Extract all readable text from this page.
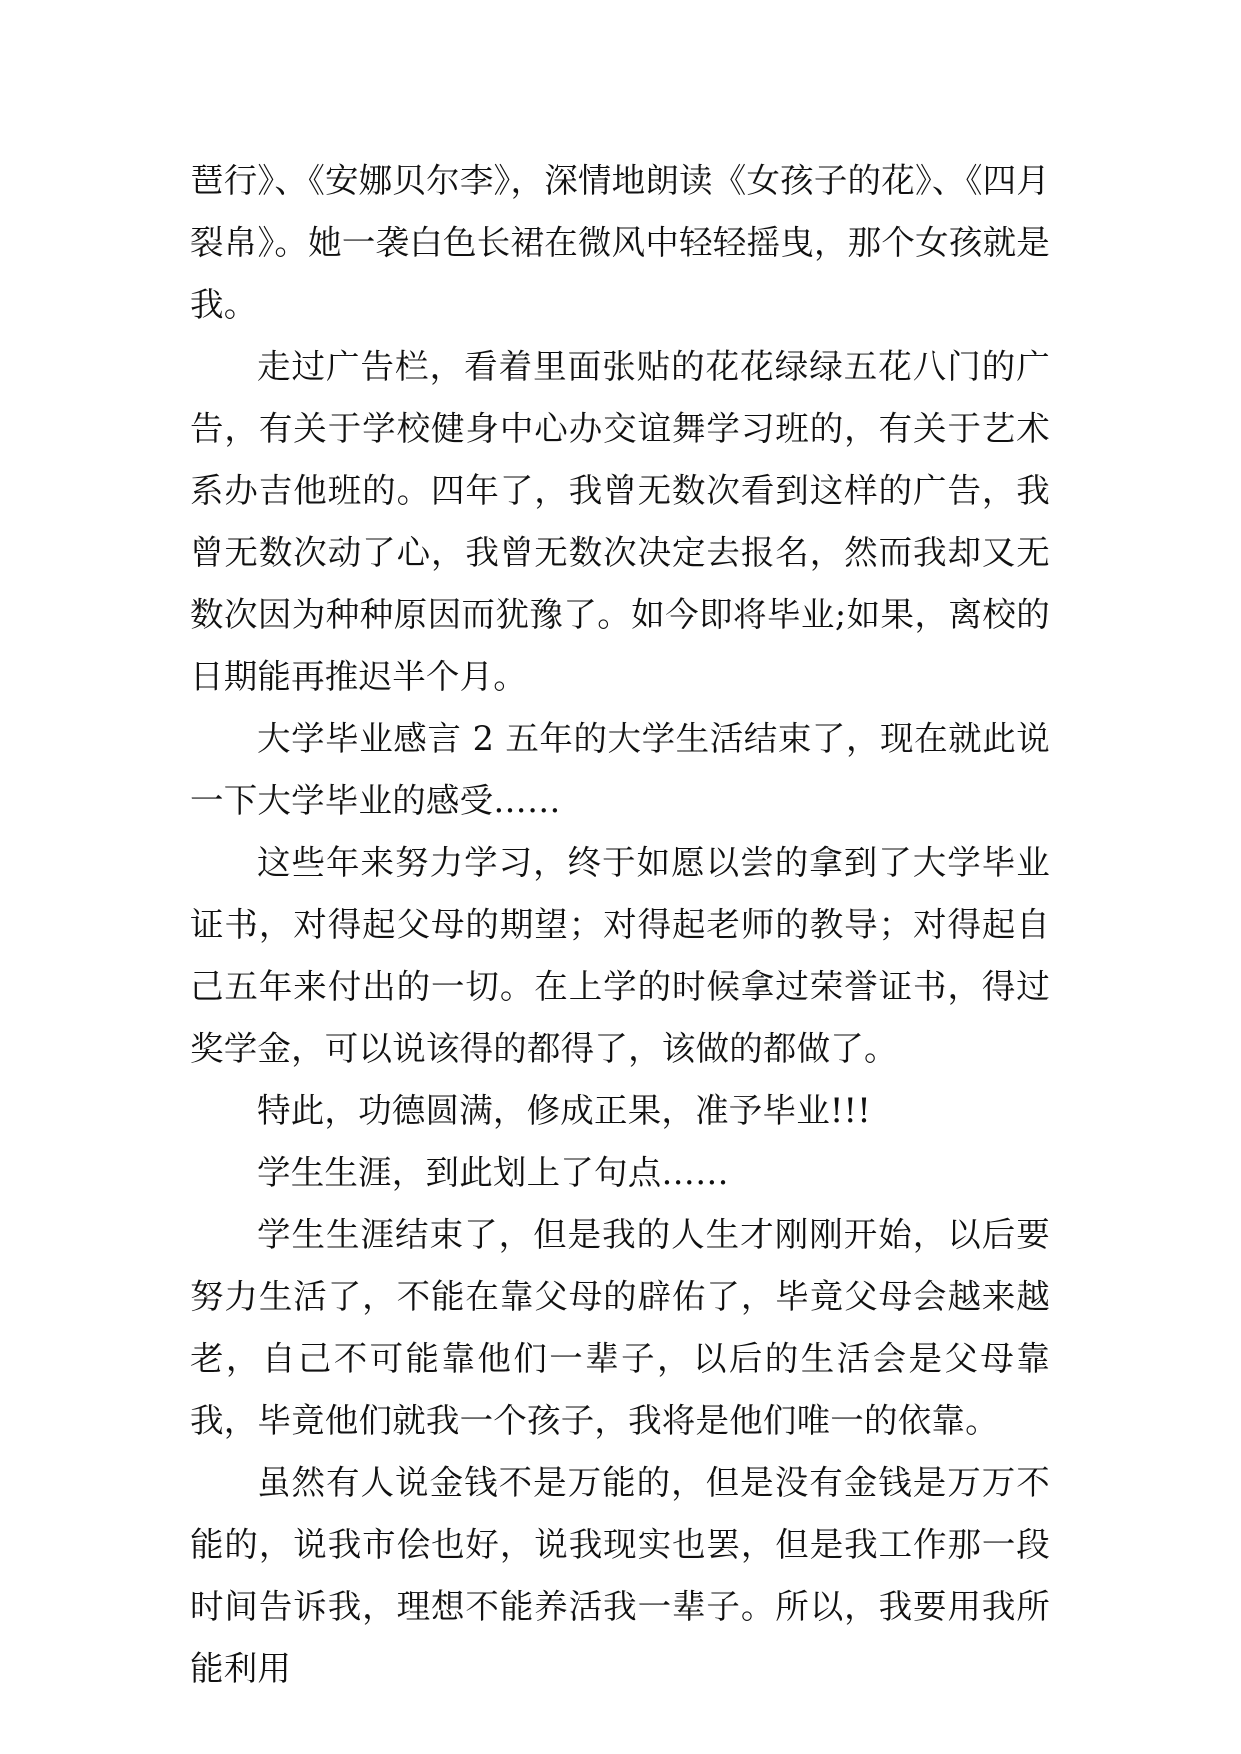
琶行》、《安娜贝尔李》，深情地朗读《女孩子的花》、《四月裂帛》。她一袭白色长裙在微风中轻轻摇曳，那个女孩就是我。

走过广告栏，看着里面张贴的花花绿绿五花八门的广告，有关于学校健身中心办交谊舞学习班的，有关于艺术系办吉他班的。四年了，我曾无数次看到这样的广告，我曾无数次动了心，我曾无数次决定去报名，然而我却又无数次因为种种原因而犹豫了。如今即将毕业;如果，离校的日期能再推迟半个月。

大学毕业感言 2 五年的大学生活结束了，现在就此说一下大学毕业的感受……

这些年来努力学习，终于如愿以尝的拿到了大学毕业证书，对得起父母的期望；对得起老师的教导；对得起自己五年来付出的一切。在上学的时候拿过荣誉证书，得过奖学金，可以说该得的都得了，该做的都做了。

特此，功德圆满，修成正果，准予毕业!!!

学生生涯，到此划上了句点……

学生生涯结束了，但是我的人生才刚刚开始，以后要努力生活了，不能在靠父母的辟佑了，毕竟父母会越来越老，自己不可能靠他们一辈子，以后的生活会是父母靠我，毕竟他们就我一个孩子，我将是他们唯一的依靠。

虽然有人说金钱不是万能的，但是没有金钱是万万不能的，说我市侩也好，说我现实也罢，但是我工作那一段时间告诉我，理想不能养活我一辈子。所以，我要用我所能利用
